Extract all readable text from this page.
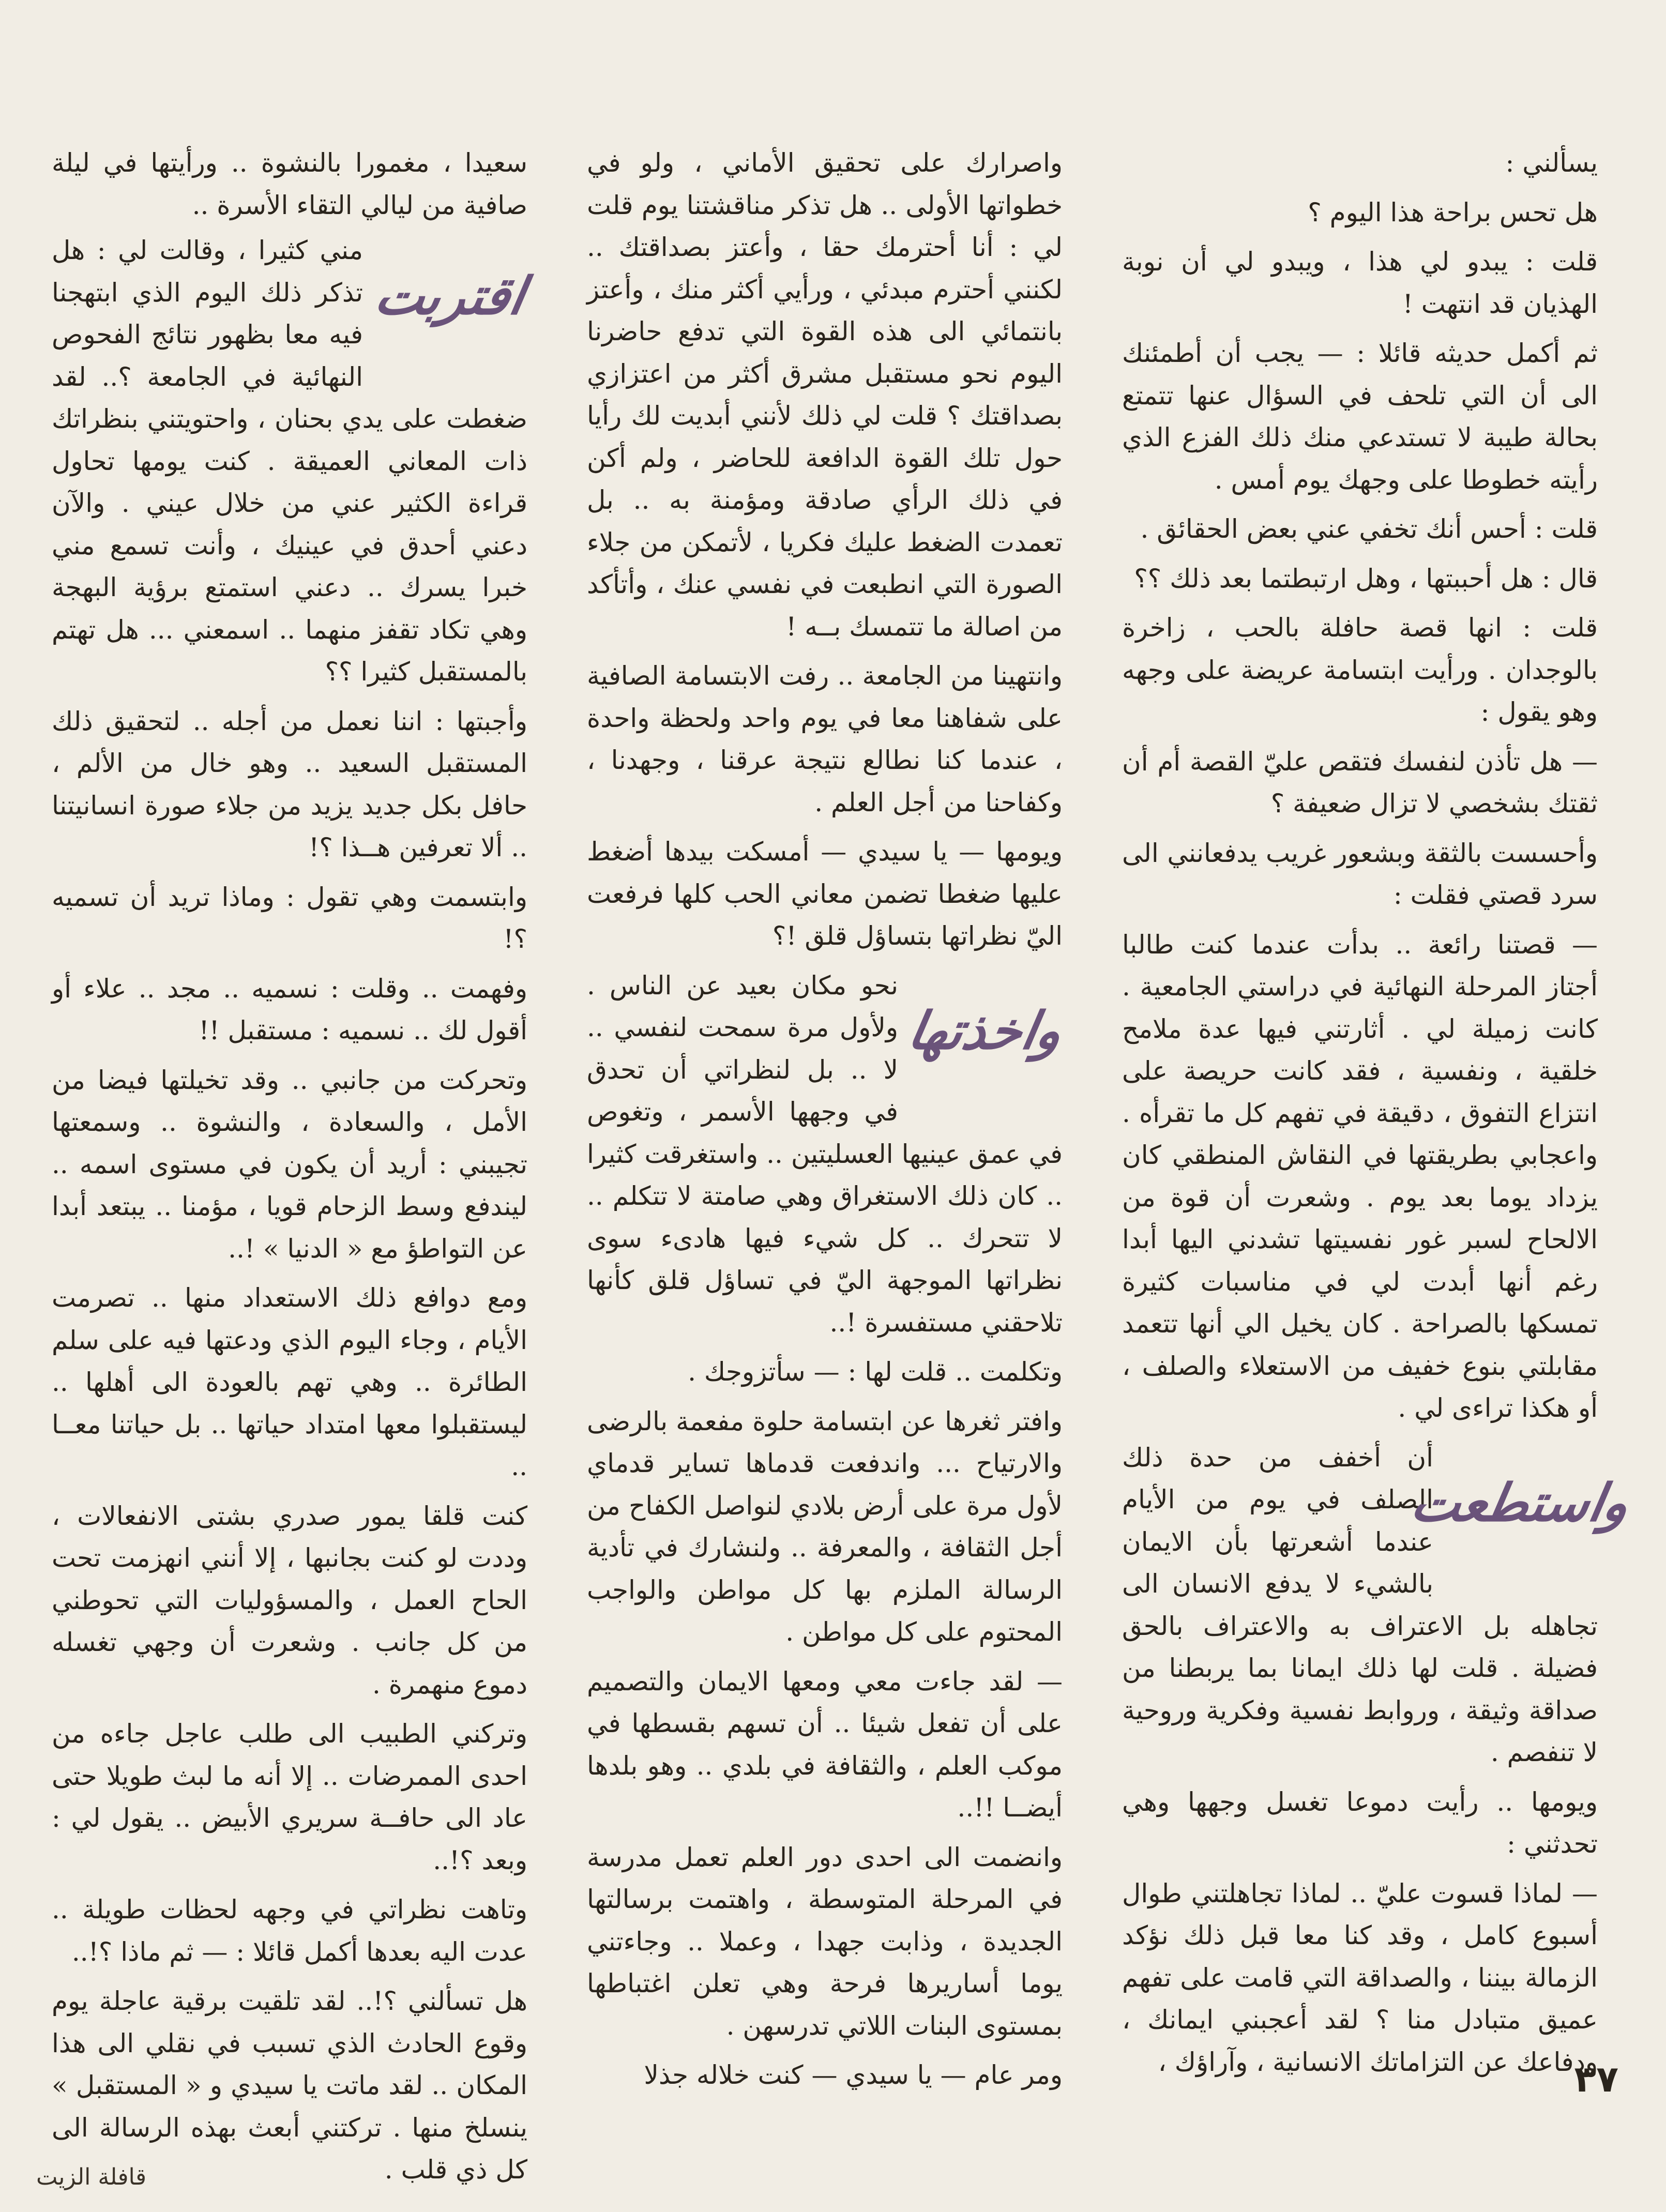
يسألني :

هل تحس براحة هذا اليوم ؟

قلت : يبدو لي هذا ، ويبدو لي أن نوبة الهذيان قد انتهت !

ثم أكمل حديثه قائلا : — يجب أن أطمئنك الى أن التي تلحف في السؤال عنها تتمتع بحالة طيبة لا تستدعي منك ذلك الفزع الذي رأيته خطوطا على وجهك يوم أمس .

قلت : أحس أنك تخفي عني بعض الحقائق .

قال : هل أحببتها ، وهل ارتبطتما بعد ذلك ؟؟

قلت : انها قصة حافلة بالحب ، زاخرة بالوجدان . ورأيت ابتسامة عريضة على وجهه وهو يقول :

— هل تأذن لنفسك فتقص عليّ القصة أم أن ثقتك بشخصي لا تزال ضعيفة ؟

وأحسست بالثقة وبشعور غريب يدفعانني الى سرد قصتي فقلت :

— قصتنا رائعة .. بدأت عندما كنت طالبا أجتاز المرحلة النهائية في دراستي الجامعية . كانت زميلة لي . أثارتني فيها عدة ملامح خلقية ، ونفسية ، فقد كانت حريصة على انتزاع التفوق ، دقيقة في تفهم كل ما تقرأه . واعجابي بطريقتها في النقاش المنطقي كان يزداد يوما بعد يوم . وشعرت أن قوة من الالحاح لسبر غور نفسيتها تشدني اليها أبدا رغم أنها أبدت لي في مناسبات كثيرة تمسكها بالصراحة . كان يخيل الي أنها تتعمد مقابلتي بنوع خفيف من الاستعلاء والصلف ، أو هكذا تراءى لي .

واستطعت

أن أخفف من حدة ذلك الصلف في يوم من الأيام عندما أشعرتها بأن الايمان بالشيء لا يدفع الانسان الى تجاهله بل الاعتراف به والاعتراف بالحق فضيلة . قلت لها ذلك ايمانا بما يربطنا من صداقة وثيقة ، وروابط نفسية وفكرية وروحية لا تنفصم .

ويومها .. رأيت دموعا تغسل وجهها وهي تحدثني :

— لماذا قسوت عليّ .. لماذا تجاهلتني طوال أسبوع كامل ، وقد كنا معا قبل ذلك نؤكد الزمالة بيننا ، والصداقة التي قامت على تفهم عميق متبادل منا ؟ لقد أعجبني ايمانك ، ودفاعك عن التزاماتك الانسانية ، وآراؤك ،

واصرارك على تحقيق الأماني ، ولو في خطواتها الأولى .. هل تذكر مناقشتنا يوم قلت لي : أنا أحترمك حقا ، وأعتز بصداقتك .. لكنني أحترم مبدئي ، ورأيي أكثر منك ، وأعتز بانتمائي الى هذه القوة التي تدفع حاضرنا اليوم نحو مستقبل مشرق أكثر من اعتزازي بصداقتك ؟ قلت لي ذلك لأنني أبديت لك رأيا حول تلك القوة الدافعة للحاضر ، ولم أكن في ذلك الرأي صادقة ومؤمنة به .. بل تعمدت الضغط عليك فكريا ، لأتمكن من جلاء الصورة التي انطبعت في نفسي عنك ، وأتأكد من اصالة ما تتمسك بــه !

وانتهينا من الجامعة .. رفت الابتسامة الصافية على شفاهنا معا في يوم واحد ولحظة واحدة ، عندما كنا نطالع نتيجة عرقنا ، وجهدنا ، وكفاحنا من أجل العلم .

ويومها — يا سيدي — أمسكت بيدها أضغط عليها ضغطا تضمن معاني الحب كلها فرفعت اليّ نظراتها بتساؤل قلق !؟

واخذتها

نحو مكان بعيد عن الناس . ولأول مرة سمحت لنفسي .. لا .. بل لنظراتي أن تحدق في وجهها الأسمر ، وتغوص في عمق عينيها العسليتين .. واستغرقت كثيرا .. كان ذلك الاستغراق وهي صامتة لا تتكلم .. لا تتحرك .. كل شيء فيها هادىء سوى نظراتها الموجهة اليّ في تساؤل قلق كأنها تلاحقني مستفسرة !..

وتكلمت .. قلت لها : — سأتزوجك .

وافتر ثغرها عن ابتسامة حلوة مفعمة بالرضى والارتياح ... واندفعت قدماها تساير قدماي لأول مرة على أرض بلادي لنواصل الكفاح من أجل الثقافة ، والمعرفة .. ولنشارك في تأدية الرسالة الملزم بها كل مواطن والواجب المحتوم على كل مواطن .

— لقد جاءت معي ومعها الايمان والتصميم على أن تفعل شيئا .. أن تسهم بقسطها في موكب العلم ، والثقافة في بلدي .. وهو بلدها أيضــا !!..

وانضمت الى احدى دور العلم تعمل مدرسة في المرحلة المتوسطة ، واهتمت برسالتها الجديدة ، وذابت جهدا ، وعملا .. وجاءتني يوما أساريرها فرحة وهي تعلن اغتباطها بمستوى البنات اللاتي تدرسهن .

ومر عام — يا سيدي — كنت خلاله جذلا

سعيدا ، مغمورا بالنشوة .. ورأيتها في ليلة صافية من ليالي التقاء الأسرة ..

اقتربت

مني كثيرا ، وقالت لي : هل تذكر ذلك اليوم الذي ابتهجنا فيه معا بظهور نتائج الفحوص النهائية في الجامعة ؟.. لقد ضغطت على يدي بحنان ، واحتويتني بنظراتك ذات المعاني العميقة . كنت يومها تحاول قراءة الكثير عني من خلال عيني . والآن دعني أحدق في عينيك ، وأنت تسمع مني خبرا يسرك .. دعني استمتع برؤية البهجة وهي تكاد تقفز منهما .. اسمعني ... هل تهتم بالمستقبل كثيرا ؟؟

وأجبتها : اننا نعمل من أجله .. لتحقيق ذلك المستقبل السعيد .. وهو خال من الألم ، حافل بكل جديد يزيد من جلاء صورة انسانيتنا .. ألا تعرفين هــذا ؟!

وابتسمت وهي تقول : وماذا تريد أن تسميه ؟!

وفهمت .. وقلت : نسميه .. مجد .. علاء أو أقول لك .. نسميه : مستقبل !!

وتحركت من جانبي .. وقد تخيلتها فيضا من الأمل ، والسعادة ، والنشوة .. وسمعتها تجيبني : أريد أن يكون في مستوى اسمه .. ليندفع وسط الزحام قويا ، مؤمنا .. يبتعد أبدا عن التواطؤ مع « الدنيا » !..

ومع دوافع ذلك الاستعداد منها .. تصرمت الأيام ، وجاء اليوم الذي ودعتها فيه على سلم الطائرة .. وهي تهم بالعودة الى أهلها .. ليستقبلوا معها امتداد حياتها .. بل حياتنا معــا ..

كنت قلقا يمور صدري بشتى الانفعالات ، وددت لو كنت بجانبها ، إلا أنني انهزمت تحت الحاح العمل ، والمسؤوليات التي تحوطني من كل جانب . وشعرت أن وجهي تغسله دموع منهمرة .

وتركني الطبيب الى طلب عاجل جاءه من احدى الممرضات .. إلا أنه ما لبث طويلا حتى عاد الى حافــة سريري الأبيض .. يقول لي : وبعد ؟!..

وتاهت نظراتي في وجهه لحظات طويلة .. عدت اليه بعدها أكمل قائلا : — ثم ماذا ؟!..

هل تسألني ؟!.. لقد تلقيت برقية عاجلة يوم وقوع الحادث الذي تسبب في نقلي الى هذا المكان .. لقد ماتت يا سيدي و « المستقبل » ينسلخ منها . تركتني أبعث بهذه الرسالة الى كل ذي قلب .

٣٧
قافلة الزيت
